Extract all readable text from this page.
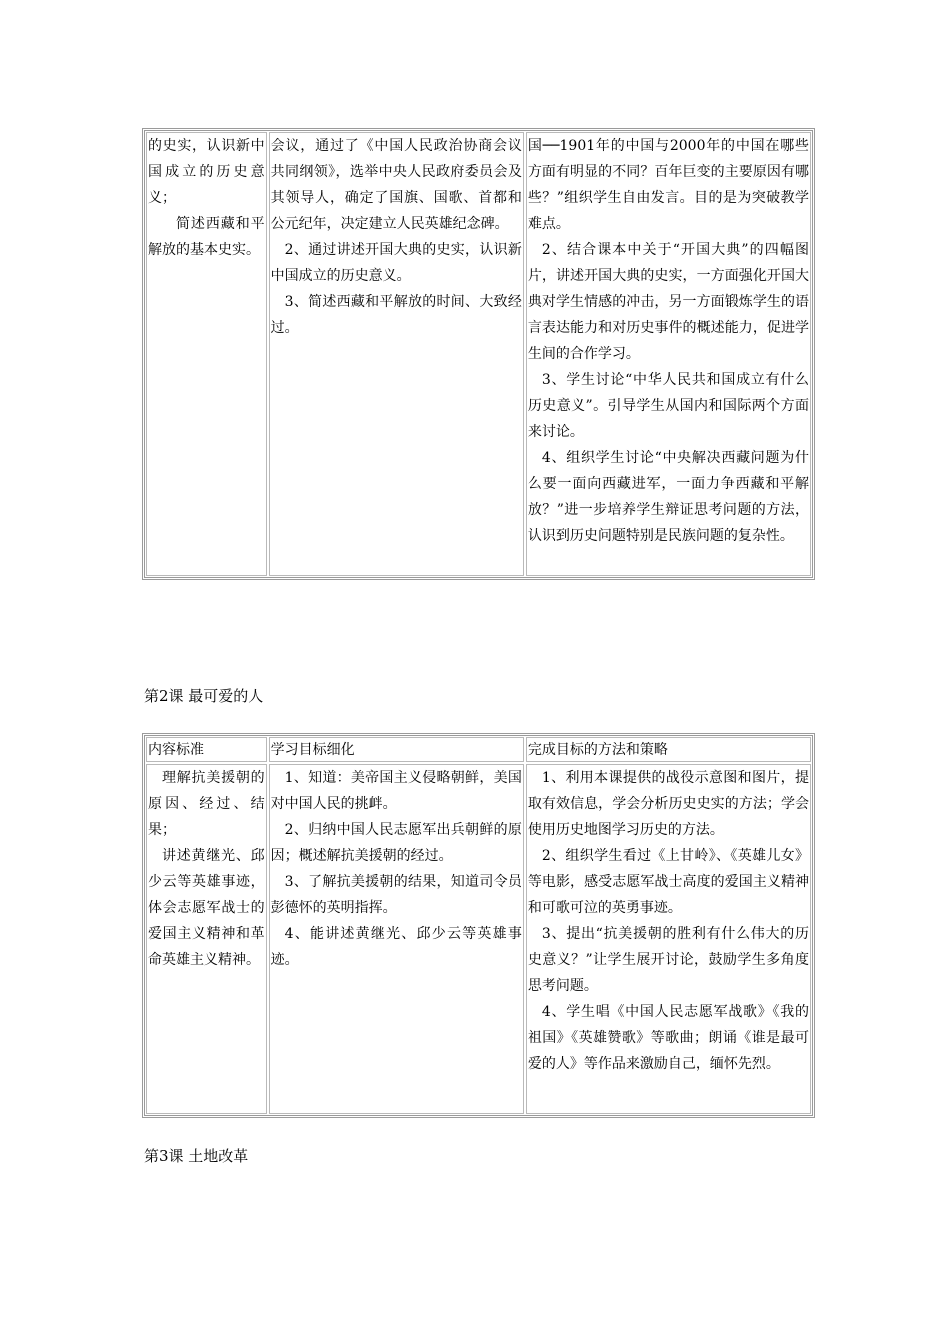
的史实，认识新中国成立的历史意义；

简述西藏和平解放的基本史实。

会议，通过了《中国人民政治协商会议共同纲领》，选举中央人民政府委员会及其领导人，确定了国旗、国歌、首都和公元纪年，决定建立人民英雄纪念碑。

2、通过讲述开国大典的史实，认识新中国成立的历史意义。

3、简述西藏和平解放的时间、大致经过。

国──1901年的中国与2000年的中国在哪些方面有明显的不同？百年巨变的主要原因有哪些？”组织学生自由发言。目的是为突破教学难点。

2、结合课本中关于“开国大典”的四幅图片，讲述开国大典的史实，一方面强化开国大典对学生情感的冲击，另一方面锻炼学生的语言表达能力和对历史事件的概述能力，促进学生间的合作学习。

3、学生讨论“中华人民共和国成立有什么历史意义”。引导学生从国内和国际两个方面来讨论。

4、组织学生讨论“中央解决西藏问题为什么要一面向西藏进军，一面力争西藏和平解放？”进一步培养学生辩证思考问题的方法，认识到历史问题特别是民族问题的复杂性。

第2课 最可爱的人

内容标准	学习目标细化	完成目标的方法和策略

理解抗美援朝的原因、经过、结果；

讲述黄继光、邱少云等英雄事迹，体会志愿军战士的爱国主义精神和革命英雄主义精神。

1、知道：美帝国主义侵略朝鲜，美国对中国人民的挑衅。

2、归纳中国人民志愿军出兵朝鲜的原因；概述解抗美援朝的经过。

3、了解抗美援朝的结果，知道司令员彭德怀的英明指挥。

4、能讲述黄继光、邱少云等英雄事迹。

1、利用本课提供的战役示意图和图片，提取有效信息，学会分析历史史实的方法；学会使用历史地图学习历史的方法。

2、组织学生看过《上甘岭》、《英雄儿女》等电影，感受志愿军战士高度的爱国主义精神和可歌可泣的英勇事迹。

3、提出“抗美援朝的胜利有什么伟大的历史意义？”让学生展开讨论，鼓励学生多角度思考问题。

4、学生唱《中国人民志愿军战歌》《我的祖国》《英雄赞歌》等歌曲；朗诵《谁是最可爱的人》等作品来激励自己，缅怀先烈。

第3课 土地改革
